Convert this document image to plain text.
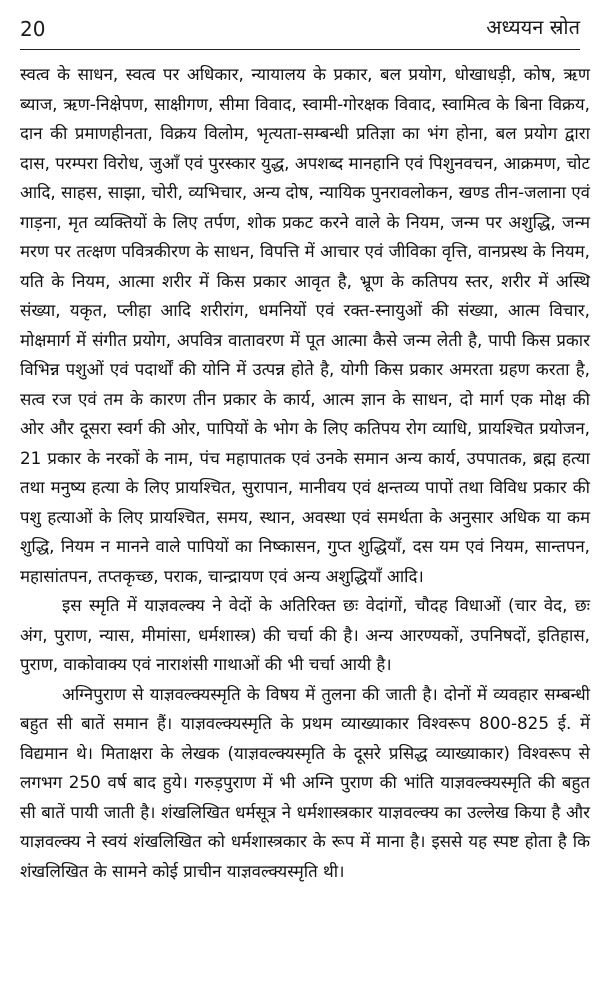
20	अध्ययन स्रोत

स्वत्व के साधन, स्वत्व पर अधिकार, न्यायालय के प्रकार, बल प्रयोग, धोखाधड़ी, कोष, ऋण ब्याज, ऋण-निक्षेपण, साक्षीगण, सीमा विवाद, स्वामी-गोरक्षक विवाद, स्वामित्व के बिना विक्रय, दान की प्रमाणहीनता, विक्रय विलोम, भृत्यता-सम्बन्धी प्रतिज्ञा का भंग होना, बल प्रयोग द्वारा दास, परम्परा विरोध, जुआँ एवं पुरस्कार युद्ध, अपशब्द मानहानि एवं पिशुनवचन, आक्रमण, चोट आदि, साहस, साझा, चोरी, व्यभिचार, अन्य दोष, न्यायिक पुनरावलोकन, खण्ड तीन-जलाना एवं गाड़ना, मृत व्यक्तियों के लिए तर्पण, शोक प्रकट करने वाले के नियम, जन्म पर अशुद्धि, जन्म मरण पर तत्क्षण पवित्रकीरण के साधन, विपत्ति में आचार एवं जीविका वृत्ति, वानप्रस्थ के नियम, यति के नियम, आत्मा शरीर में किस प्रकार आवृत है, भ्रूण के कतिपय स्तर, शरीर में अस्थि संख्या, यकृत, प्लीहा आदि शरीरांग, धमनियों एवं रक्त-स्नायुओं की संख्या, आत्म विचार, मोक्षमार्ग में संगीत प्रयोग, अपवित्र वातावरण में पूत आत्मा कैसे जन्म लेती है, पापी किस प्रकार विभिन्न पशुओं एवं पदार्थों की योनि में उत्पन्न होते है, योगी किस प्रकार अमरता ग्रहण करता है, सत्व रज एवं तम के कारण तीन प्रकार के कार्य, आत्म ज्ञान के साधन, दो मार्ग एक मोक्ष की ओर और दूसरा स्वर्ग की ओर, पापियों के भोग के लिए कतिपय रोग व्याधि, प्रायश्चित प्रयोजन, 21 प्रकार के नरकों के नाम, पंच महापातक एवं उनके समान अन्य कार्य, उपपातक, ब्रह्म हत्या तथा मनुष्य हत्या के लिए प्रायश्चित, सुरापान, मानीवय एवं क्षन्तव्य पापों तथा विविध प्रकार की पशु हत्याओं के लिए प्रायश्चित, समय, स्थान, अवस्था एवं समर्थता के अनुसार अधिक या कम शुद्धि, नियम न मानने वाले पापियों का निष्कासन, गुप्त शुद्धियाँ, दस यम एवं नियम, सान्तपन, महासांतपन, तप्तकृच्छ, पराक, चान्द्रायण एवं अन्य अशुद्धियाँ आदि।

इस स्मृति में याज्ञवल्क्य ने वेदों के अतिरिक्त छः वेदांगों, चौदह विधाओं (चार वेद, छः अंग, पुराण, न्यास, मीमांसा, धर्मशास्त्र) की चर्चा की है। अन्य आरण्यकों, उपनिषदों, इतिहास, पुराण, वाकोवाक्य एवं नाराशंसी गाथाओं की भी चर्चा आयी है।

अग्निपुराण से याज्ञवल्क्यस्मृति के विषय में तुलना की जाती है। दोनों में व्यवहार सम्बन्धी बहुत सी बातें समान हैं। याज्ञवल्क्यस्मृति के प्रथम व्याख्याकार विश्वरूप 800-825 ई. में विद्यमान थे। मिताक्षरा के लेखक (याज्ञवल्क्यस्मृति के दूसरे प्रसिद्ध व्याख्याकार) विश्वरूप से लगभग 250 वर्ष बाद हुये। गरुड़पुराण में भी अग्नि पुराण की भांति याज्ञवल्क्यस्मृति की बहुत सी बातें पायी जाती है। शंखलिखित धर्मसूत्र ने धर्मशास्त्रकार याज्ञवल्क्य का उल्लेख किया है और याज्ञवल्क्य ने स्वयं शंखलिखित को धर्मशास्त्रकार के रूप में माना है। इससे यह स्पष्ट होता है कि शंखलिखित के सामने कोई प्राचीन याज्ञवल्क्यस्मृति थी।
